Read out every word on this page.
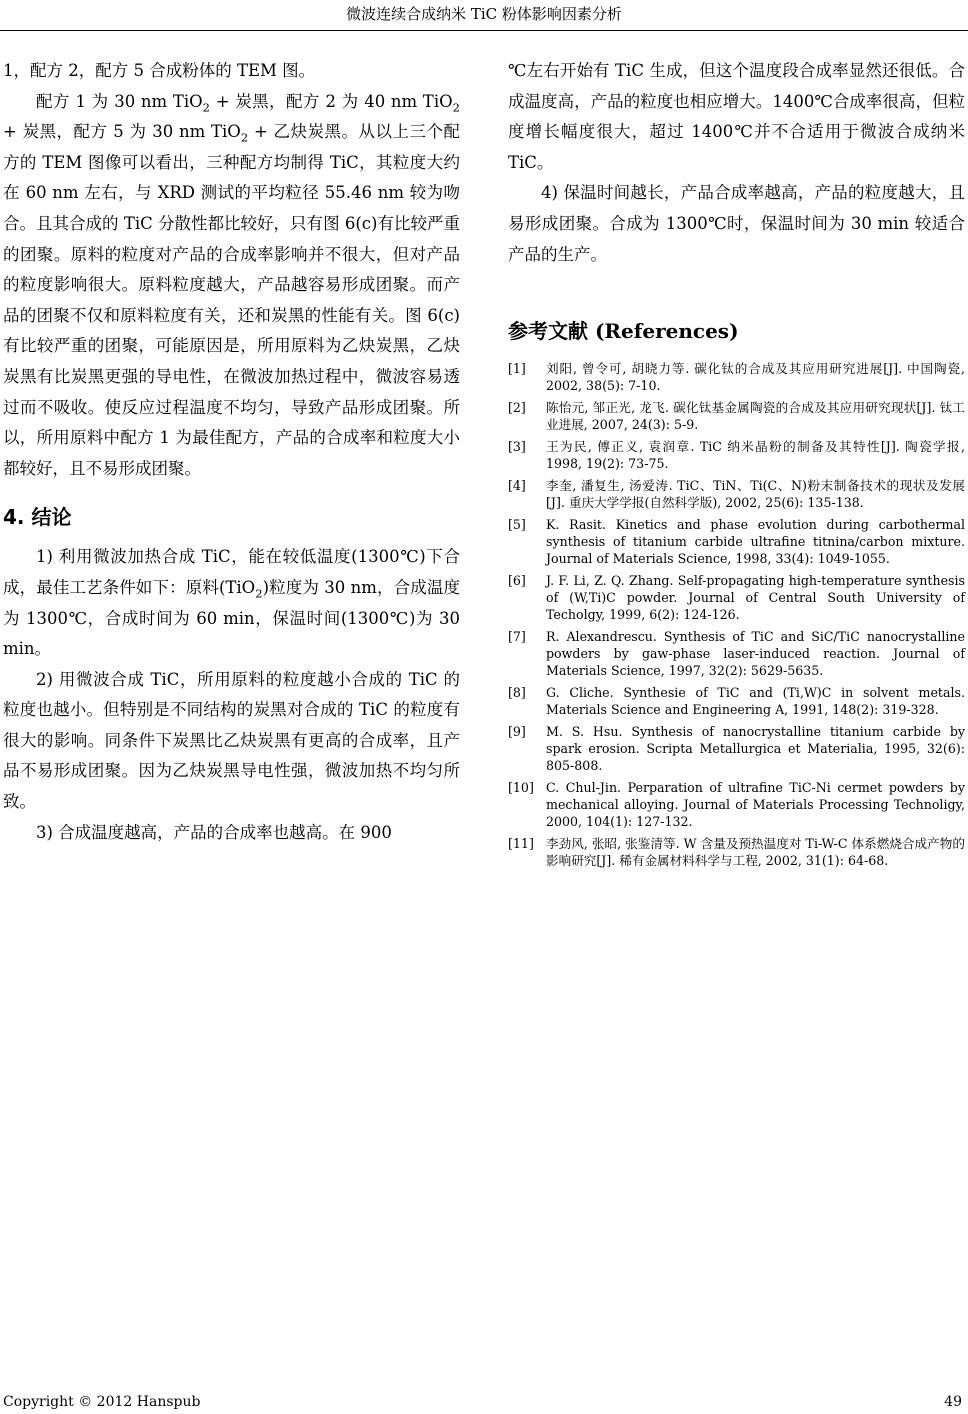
微波连续合成纳米 TiC 粉体影响因素分析

1，配方 2，配方 5 合成粉体的 TEM 图。

配方 1 为 30 nm TiO$_2$ + 炭黑，配方 2 为 40 nm TiO$_2$ + 炭黑，配方 5 为 30 nm TiO$_2$ + 乙炔炭黑。从以上三个配方的 TEM 图像可以看出，三种配方均制得 TiC，其粒度大约在 60 nm 左右，与 XRD 测试的平均粒径 55.46 nm 较为吻合。且其合成的 TiC 分散性都比较好，只有图 6(c)有比较严重的团聚。原料的粒度对产品的合成率影响并不很大，但对产品的粒度影响很大。原料粒度越大，产品越容易形成团聚。而产品的团聚不仅和原料粒度有关，还和炭黑的性能有关。图 6(c)有比较严重的团聚，可能原因是，所用原料为乙炔炭黑，乙炔炭黑有比炭黑更强的导电性，在微波加热过程中，微波容易透过而不吸收。使反应过程温度不均匀，导致产品形成团聚。所以，所用原料中配方 1 为最佳配方，产品的合成率和粒度大小都较好，且不易形成团聚。

4. 结论

1) 利用微波加热合成 TiC，能在较低温度(1300℃)下合成，最佳工艺条件如下：原料(TiO$_2$)粒度为 30 nm，合成温度为 1300℃，合成时间为 60 min，保温时间(1300℃)为 30 min。

2) 用微波合成 TiC，所用原料的粒度越小合成的 TiC 的粒度也越小。但特别是不同结构的炭黑对合成的 TiC 的粒度有很大的影响。同条件下炭黑比乙炔炭黑有更高的合成率，且产品不易形成团聚。因为乙炔炭黑导电性强，微波加热不均匀所致。

3) 合成温度越高，产品的合成率也越高。在 900

℃左右开始有 TiC 生成，但这个温度段合成率显然还很低。合成温度高，产品的粒度也相应增大。1400℃合成率很高，但粒度增长幅度很大，超过 1400℃并不合适用于微波合成纳米 TiC。

4) 保温时间越长，产品合成率越高，产品的粒度越大，且易形成团聚。合成为 1300℃时，保温时间为 30 min 较适合产品的生产。

参考文献 (References)
[1]	刘阳, 曾令可, 胡晓力等. 碳化钛的合成及其应用研究进展[J]. 中国陶瓷, 2002, 38(5): 7-10.
[2]	陈怡元, 邹正光, 龙飞. 碳化钛基金属陶瓷的合成及其应用研究现状[J]. 钛工业进展, 2007, 24(3): 5-9.
[3]	王为民, 傅正义, 袁润章. TiC 纳米晶粉的制备及其特性[J]. 陶瓷学报, 1998, 19(2): 73-75.
[4]	李奎, 潘复生, 汤爱涛. TiC、TiN、Ti(C、N)粉末制备技术的现状及发展[J]. 重庆大学学报(自然科学版), 2002, 25(6): 135-138.
[5]	K. Rasit. Kinetics and phase evolution during carbothermal synthesis of titanium carbide ultrafine titnina/carbon mixture. Journal of Materials Science, 1998, 33(4): 1049-1055.
[6]	J. F. Li, Z. Q. Zhang. Self-propagating high-temperature synthesis of (W,Ti)C powder. Journal of Central South University of Techolgy, 1999, 6(2): 124-126.
[7]	R. Alexandrescu. Synthesis of TiC and SiC/TiC nanocrystalline powders by gaw-phase laser-induced reaction. Journal of Materials Science, 1997, 32(2): 5629-5635.
[8]	G. Cliche. Synthesie of TiC and (Ti,W)C in solvent metals. Materials Science and Engineering A, 1991, 148(2): 319-328.
[9]	M. S. Hsu. Synthesis of nanocrystalline titanium carbide by spark erosion. Scripta Metallurgica et Materialia, 1995, 32(6): 805-808.
[10] C. Chul-Jin. Perparation of ultrafine TiC-Ni cermet powders by mechanical alloying. Journal of Materials Processing Technoligy, 2000, 104(1): 127-132.
[11] 李劲风, 张昭, 张鉴清等. W 含量及预热温度对 Ti-W-C 体系燃烧合成产物的影响研究[J]. 稀有金属材料科学与工程, 2002, 31(1): 64-68.
Copyright © 2012 Hanspub	49
